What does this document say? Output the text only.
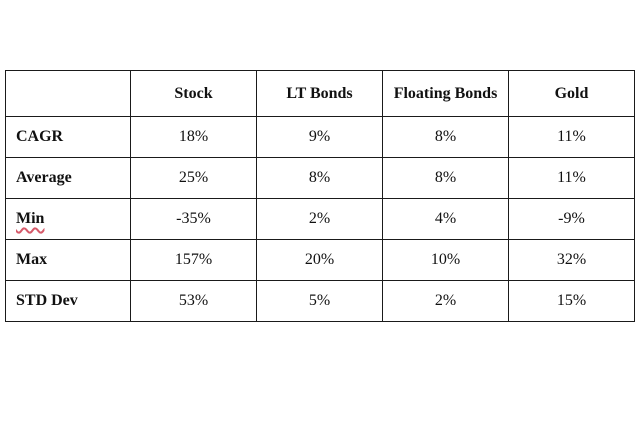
	Stock	LT Bonds	Floating Bonds	Gold
CAGR	18%	9%	8%	11%
Average	25%	8%	8%	11%
Min	-35%	2%	4%	-9%
Max	157%	20%	10%	32%
STD Dev	53%	5%	2%	15%
